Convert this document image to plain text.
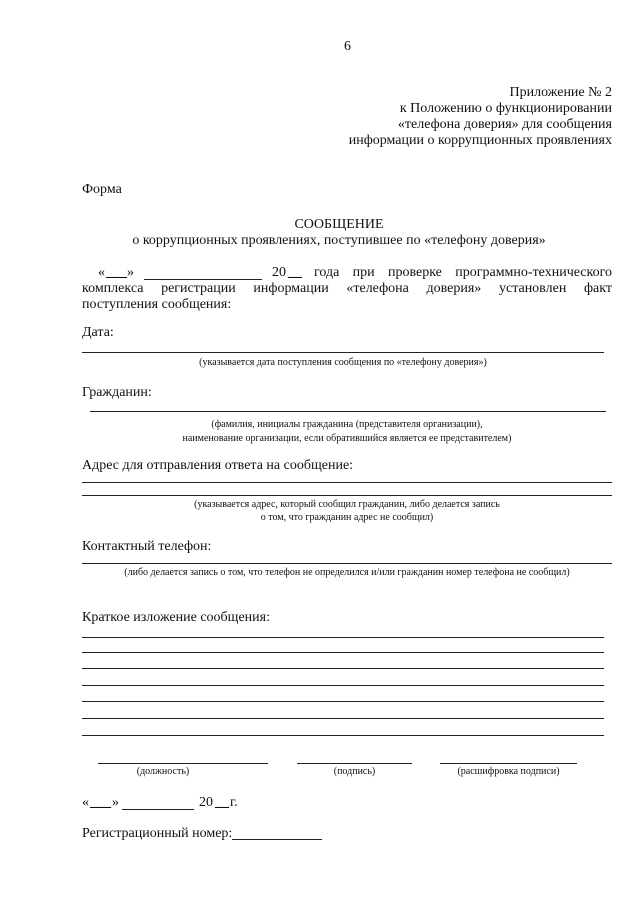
6
Приложение № 2
к Положению о функционировании
«телефона доверия» для сообщения
информации о коррупционных проявлениях
Форма
СООБЩЕНИЕ
о коррупционных проявлениях, поступившее по «телефону доверия»
« ___ »	20 __ года при проверке программно-технического
комплекса регистрации информации «телефона доверия» установлен факт
поступления сообщения:
Дата:
(указывается дата поступления сообщения по «телефону доверия»)
Гражданин:
(фамилия, инициалы гражданина (представителя организации),
наименование организации, если обратившийся является ее представителем)
Адрес для отправления ответа на сообщение:
(указывается адрес, который сообщил гражданин, либо делается запись
о том, что гражданин адрес не сообщил)
Контактный телефон:
(либо делается запись о том, что телефон не определился и/или гражданин номер телефона не сообщил)
Краткое изложение сообщения:
(должность)	(подпись)	(расшифровка подписи)
« ___ »	20 __ г.
Регистрационный номер:
